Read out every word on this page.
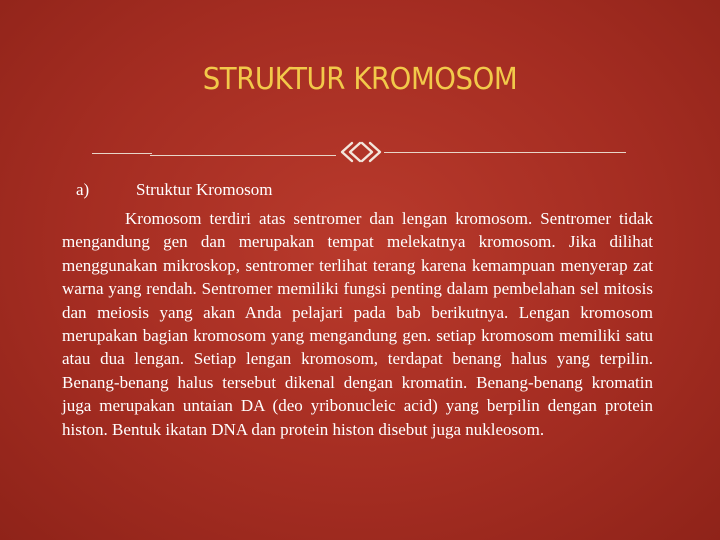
STRUKTUR KROMOSOM
a)	Struktur Kromosom

Kromosom terdiri atas sentromer dan lengan kromosom. Sentromer tidak mengandung gen dan merupakan tempat melekatnya kromosom. Jika dilihat menggunakan mikroskop, sentromer terlihat terang karena kemampuan menyerap zat warna yang rendah. Sentromer memiliki fungsi penting dalam pembelahan sel mitosis dan meiosis yang akan Anda pelajari pada bab berikutnya. Lengan kromosom merupakan bagian kromosom yang mengandung gen. setiap kromosom memiliki satu atau dua lengan. Setiap lengan kromosom, terdapat benang halus yang terpilin. Benang-benang halus tersebut dikenal dengan kromatin. Benang-benang kromatin juga merupakan untaian DA (deo yribonucleic acid) yang berpilin dengan protein histon. Bentuk ikatan DNA dan protein histon disebut juga nukleosom.
